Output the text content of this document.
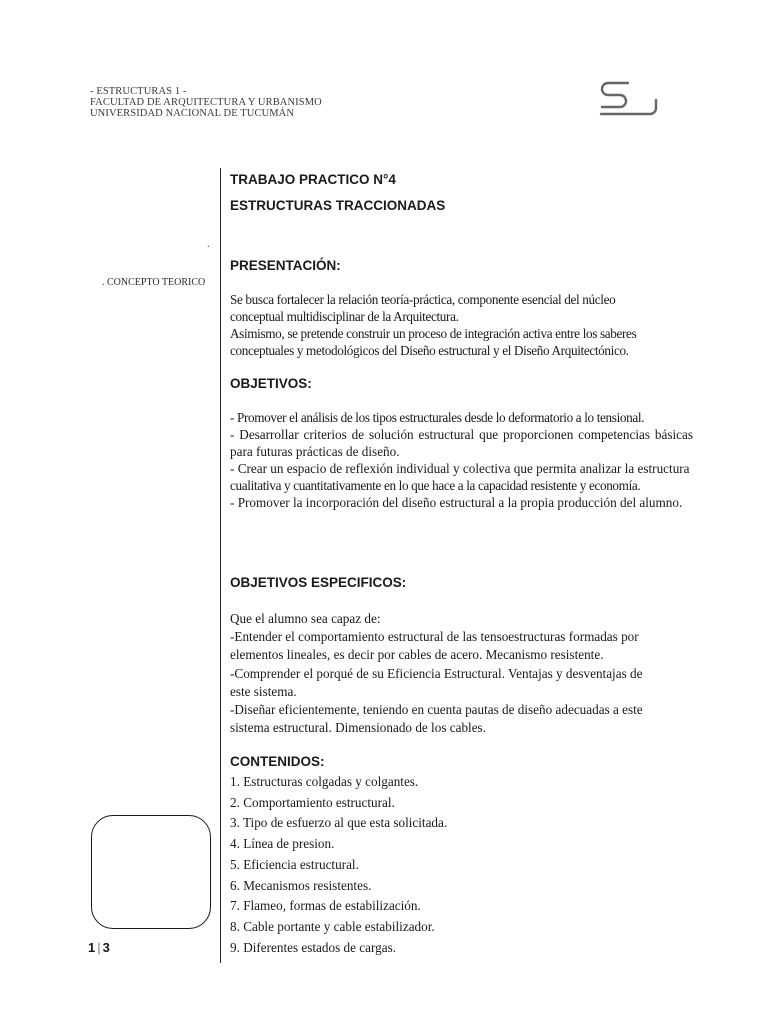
- ESTRUCTURAS 1 -
FACULTAD DE ARQUITECTURA Y URBANISMO
UNIVERSIDAD NACIONAL DE TUCUMÁN
.
. CONCEPTO TEORICO
1 | 3
TRABAJO PRACTICO N°4
ESTRUCTURAS TRACCIONADAS
PRESENTACIÓN:

Se busca fortalecer la relación teoría-práctica, componente esencial del núcleo

conceptual multidisciplinar de la Arquitectura.

Asimismo, se pretende construir un proceso de integración activa entre los saberes

conceptuales y metodológicos del Diseño estructural y el Diseño Arquitectónico.

OBJETIVOS:

- Promover el análisis de los tipos estructurales desde lo deformatorio a lo tensional.

- Desarrollar criterios de solución estructural que proporcionen competencias básicas para futuras prácticas de diseño.

- Crear un espacio de reflexión individual y colectiva que permita analizar la estructura

cualitativa y cuantitativamente en lo que hace a la capacidad resistente y economía.

- Promover la incorporación del diseño estructural a la propia producción del alumno.

OBJETIVOS ESPECIFICOS:

Que el alumno sea capaz de:

-Entender el comportamiento estructural de las tensoestructuras formadas por

elementos lineales, es decir por cables de acero. Mecanismo resistente.

-Comprender el porqué de su Eficiencia Estructural. Ventajas y desventajas de

este sistema.

-Diseñar eficientemente, teniendo en cuenta pautas de diseño adecuadas a este

sistema estructural. Dimensionado de los cables.

CONTENIDOS:

1. Estructuras colgadas y colgantes.

2. Comportamiento estructural.

3. Tipo de esfuerzo al que esta solicitada.

4. Línea de presion.

5. Eficiencia estructural.

6. Mecanismos resistentes.

7. Flameo, formas de estabilización.

8. Cable portante y cable estabilizador.

9. Diferentes estados de cargas.
